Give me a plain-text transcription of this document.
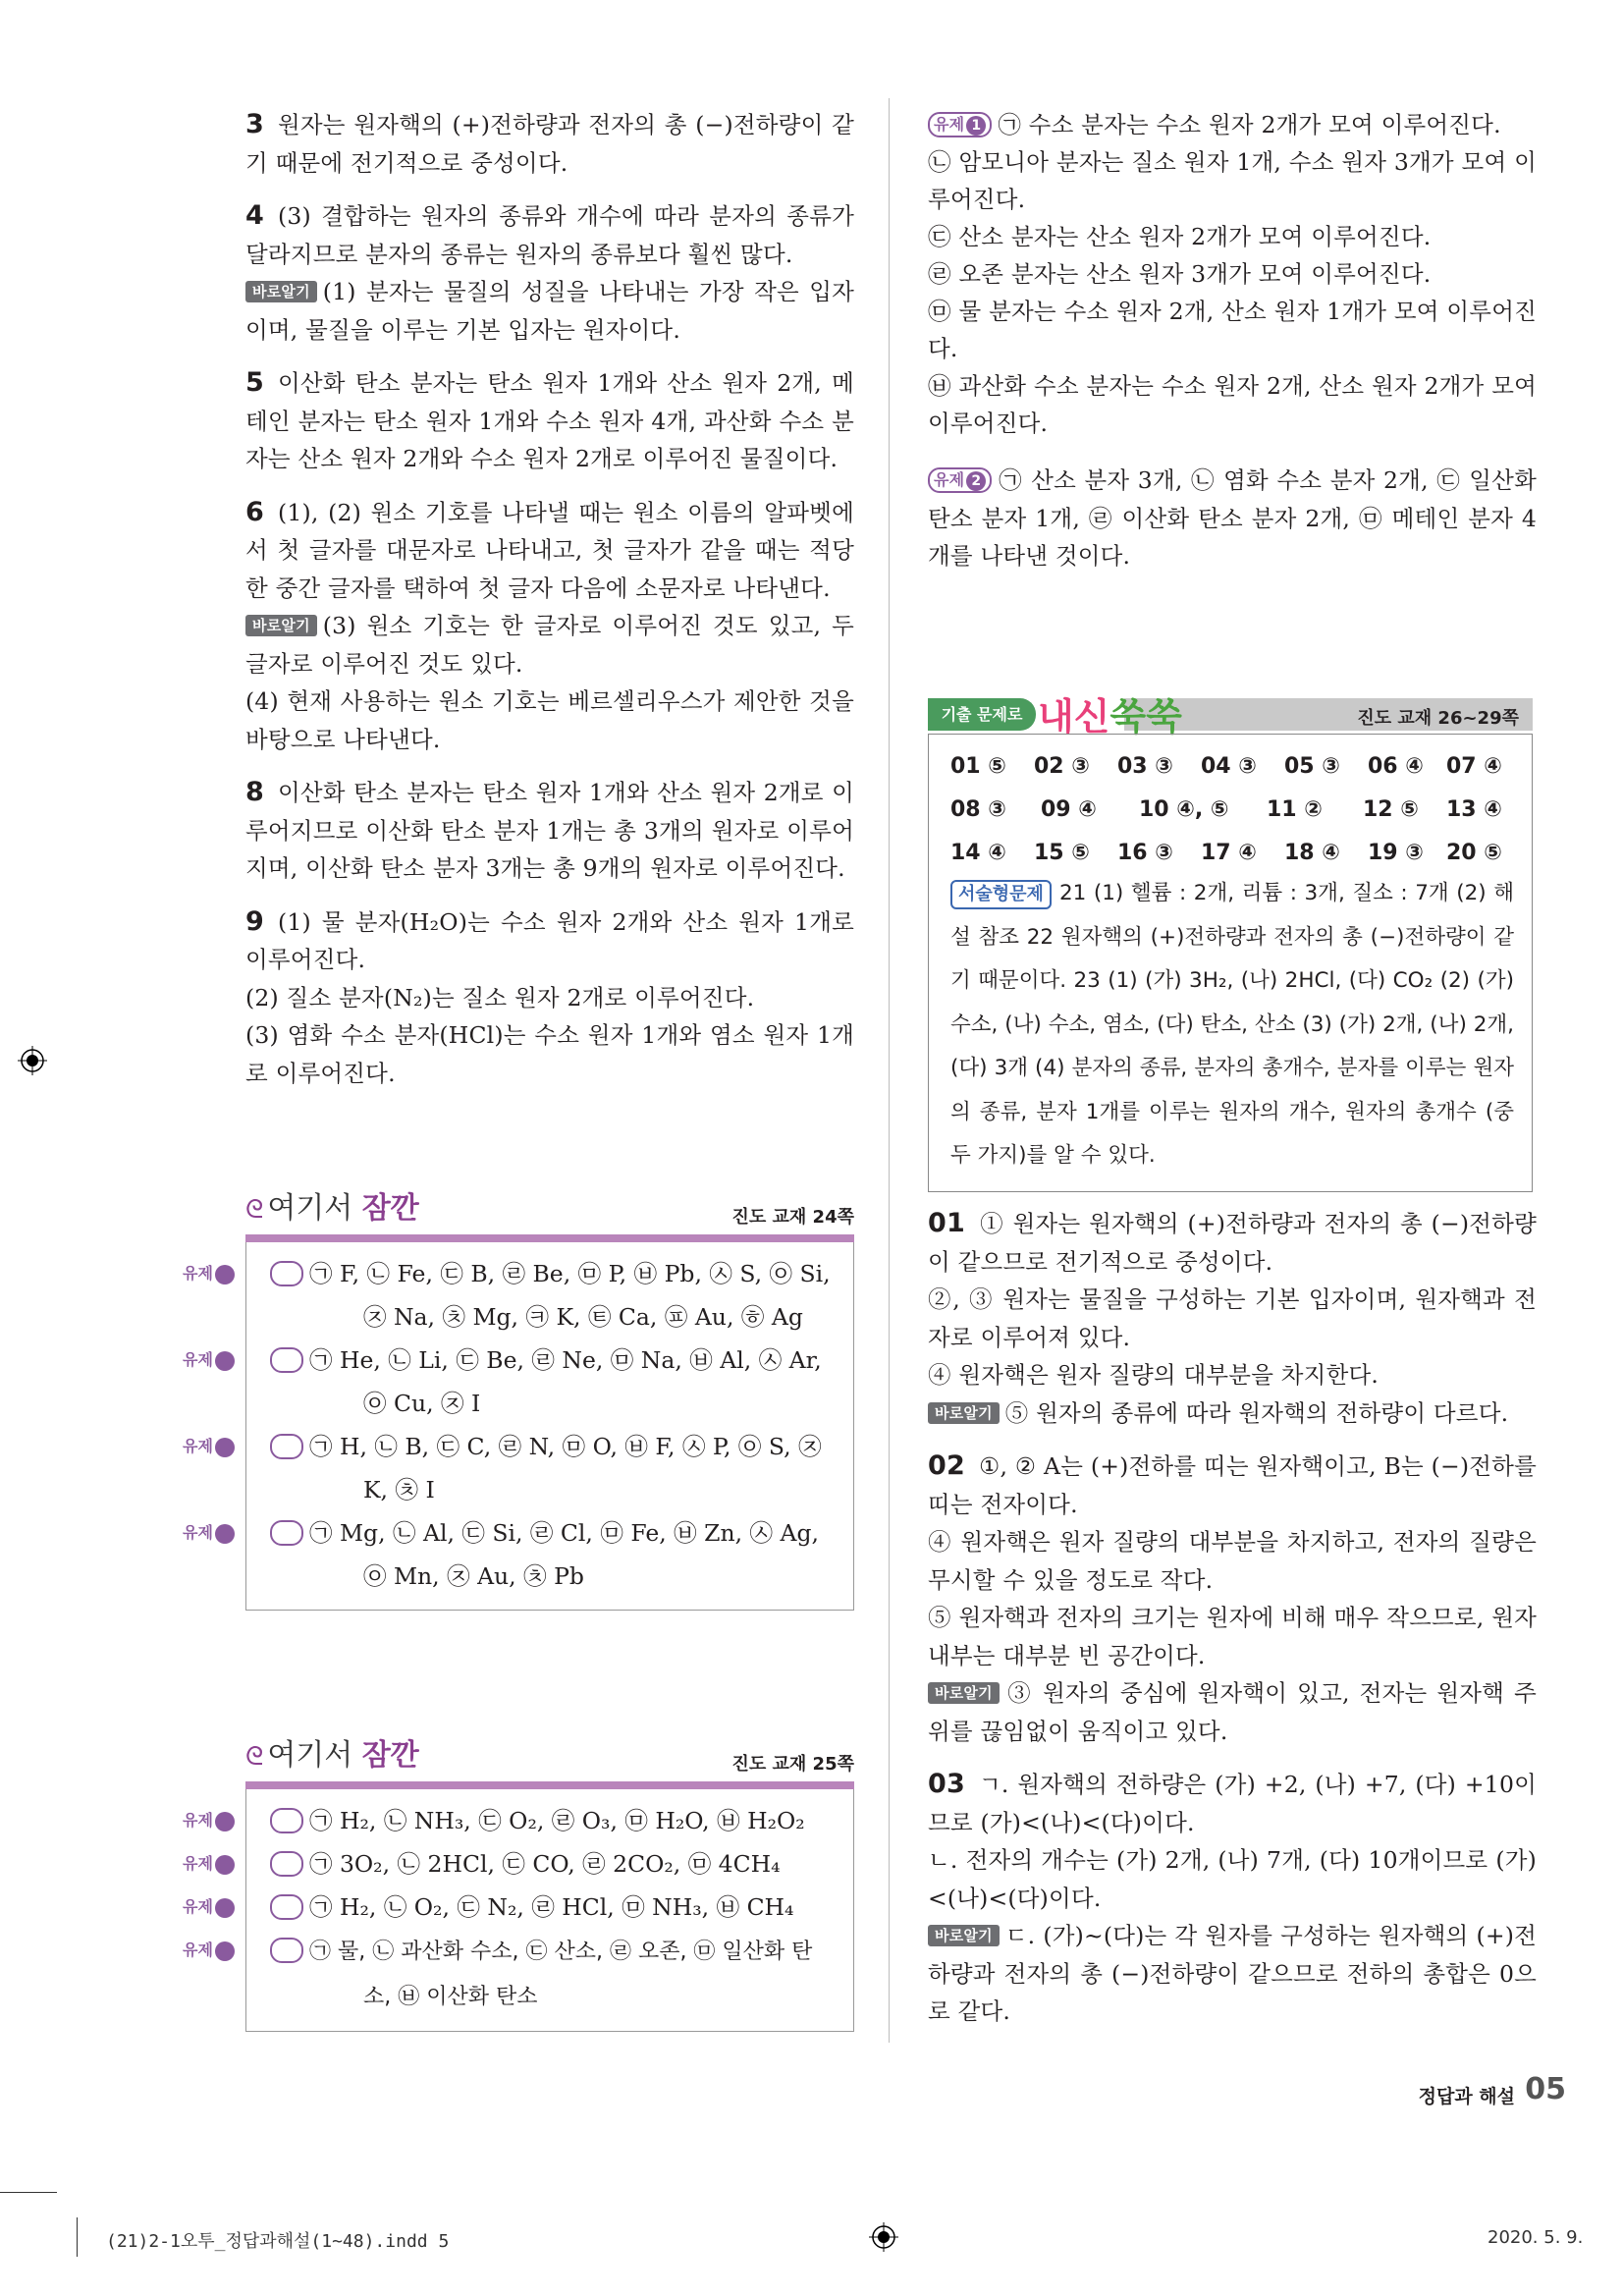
3 원자는 원자핵의 (+)전하량과 전자의 총 (−)전하량이 같기 때문에 전기적으로 중성이다.
4 (3) 결합하는 원자의 종류와 개수에 따라 분자의 종류가 달라지므로 분자의 종류는 원자의 종류보다 훨씬 많다.
바로알기 (1) 분자는 물질의 성질을 나타내는 가장 작은 입자이며, 물질을 이루는 기본 입자는 원자이다.
5 이산화 탄소 분자는 탄소 원자 1개와 산소 원자 2개, 메테인 분자는 탄소 원자 1개와 수소 원자 4개, 과산화 수소 분자는 산소 원자 2개와 수소 원자 2개로 이루어진 물질이다.
6 (1), (2) 원소 기호를 나타낼 때는 원소 이름의 알파벳에서 첫 글자를 대문자로 나타내고, 첫 글자가 같을 때는 적당한 중간 글자를 택하여 첫 글자 다음에 소문자로 나타낸다.
바로알기 (3) 원소 기호는 한 글자로 이루어진 것도 있고, 두 글자로 이루어진 것도 있다.
(4) 현재 사용하는 원소 기호는 베르셀리우스가 제안한 것을 바탕으로 나타낸다.
8 이산화 탄소 분자는 탄소 원자 1개와 산소 원자 2개로 이루어지므로 이산화 탄소 분자 1개는 총 3개의 원자로 이루어지며, 이산화 탄소 분자 3개는 총 9개의 원자로 이루어진다.
9 (1) 물 분자(H₂O)는 수소 원자 2개와 산소 원자 1개로 이루어진다.
(2) 질소 분자(N₂)는 질소 원자 2개로 이루어진다.
(3) 염화 수소 분자(HCl)는 수소 원자 1개와 염소 원자 1개로 이루어진다.
ᘓ 여기서 잠깐	진도 교재 24쪽
유제1	㉠ F, ㉡ Fe, ㉢ B, ㉣ Be, ㉤ P, ㉥ Pb, ㉦ S, ㉧ Si, ㉨ Na, ㉩ Mg, ㉪ K, ㉫ Ca, ㉬ Au, ㉭ Ag
유제2	㉠ He, ㉡ Li, ㉢ Be, ㉣ Ne, ㉤ Na, ㉥ Al, ㉦ Ar, ㉧ Cu, ㉨ I
유제3	㉠ H, ㉡ B, ㉢ C, ㉣ N, ㉤ O, ㉥ F, ㉦ P, ㉧ S, ㉨ K, ㉩ I
유제4	㉠ Mg, ㉡ Al, ㉢ Si, ㉣ Cl, ㉤ Fe, ㉥ Zn, ㉦ Ag, ㉧ Mn, ㉨ Au, ㉩ Pb
ᘓ 여기서 잠깐	진도 교재 25쪽
유제1	㉠ H₂, ㉡ NH₃, ㉢ O₂, ㉣ O₃, ㉤ H₂O, ㉥ H₂O₂
유제2	㉠ 3O₂, ㉡ 2HCl, ㉢ CO, ㉣ 2CO₂, ㉤ 4CH₄
유제3	㉠ H₂, ㉡ O₂, ㉢ N₂, ㉣ HCl, ㉤ NH₃, ㉥ CH₄
유제4	㉠ 물, ㉡ 과산화 수소, ㉢ 산소, ㉣ 오존, ㉤ 일산화 탄소, ㉥ 이산화 탄소
유제 1 ㉠ 수소 분자는 수소 원자 2개가 모여 이루어진다.
㉡ 암모니아 분자는 질소 원자 1개, 수소 원자 3개가 모여 이루어진다.
㉢ 산소 분자는 산소 원자 2개가 모여 이루어진다.
㉣ 오존 분자는 산소 원자 3개가 모여 이루어진다.
㉤ 물 분자는 수소 원자 2개, 산소 원자 1개가 모여 이루어진다.
㉥ 과산화 수소 분자는 수소 원자 2개, 산소 원자 2개가 모여 이루어진다.
유제 2 ㉠ 산소 분자 3개, ㉡ 염화 수소 분자 2개, ㉢ 일산화 탄소 분자 1개, ㉣ 이산화 탄소 분자 2개, ㉤ 메테인 분자 4개를 나타낸 것이다.
기출 문제로 내신쑥쑥	진도 교재 26~29쪽
01 ⑤ 02 ③ 03 ③ 04 ③ 05 ③ 06 ④ 07 ④
08 ③ 09 ④ 10 ④, ⑤ 11 ② 12 ⑤ 13 ④
14 ④ 15 ⑤ 16 ③ 17 ④ 18 ④ 19 ③ 20 ⑤
서술형문제 21 (1) 헬륨 : 2개, 리튬 : 3개, 질소 : 7개 (2) 해설 참조 22 원자핵의 (+)전하량과 전자의 총 (−)전하량이 같기 때문이다. 23 (1) (가) 3H₂, (나) 2HCl, (다) CO₂ (2) (가) 수소, (나) 수소, 염소, (다) 탄소, 산소 (3) (가) 2개, (나) 2개, (다) 3개 (4) 분자의 종류, 분자의 총개수, 분자를 이루는 원자의 종류, 분자 1개를 이루는 원자의 개수, 원자의 총개수 (중 두 가지)를 알 수 있다.
01 ① 원자는 원자핵의 (+)전하량과 전자의 총 (−)전하량이 같으므로 전기적으로 중성이다.
②, ③ 원자는 물질을 구성하는 기본 입자이며, 원자핵과 전자로 이루어져 있다.
④ 원자핵은 원자 질량의 대부분을 차지한다.
바로알기 ⑤ 원자의 종류에 따라 원자핵의 전하량이 다르다.
02 ①, ② A는 (+)전하를 띠는 원자핵이고, B는 (−)전하를 띠는 전자이다.
④ 원자핵은 원자 질량의 대부분을 차지하고, 전자의 질량은 무시할 수 있을 정도로 작다.
⑤ 원자핵과 전자의 크기는 원자에 비해 매우 작으므로, 원자 내부는 대부분 빈 공간이다.
바로알기 ③ 원자의 중심에 원자핵이 있고, 전자는 원자핵 주위를 끊임없이 움직이고 있다.
03 ㄱ. 원자핵의 전하량은 (가) +2, (나) +7, (다) +10이므로 (가)<(나)<(다)이다.
ㄴ. 전자의 개수는 (가) 2개, (나) 7개, (다) 10개이므로 (가)<(나)<(다)이다.
바로알기 ㄷ. (가)~(다)는 각 원자를 구성하는 원자핵의 (+)전하량과 전자의 총 (−)전하량이 같으므로 전하의 총합은 0으로 같다.
정답과 해설 05
(21)2-1오투_정답과해설(1~48).indd 5	2020. 5. 9.
